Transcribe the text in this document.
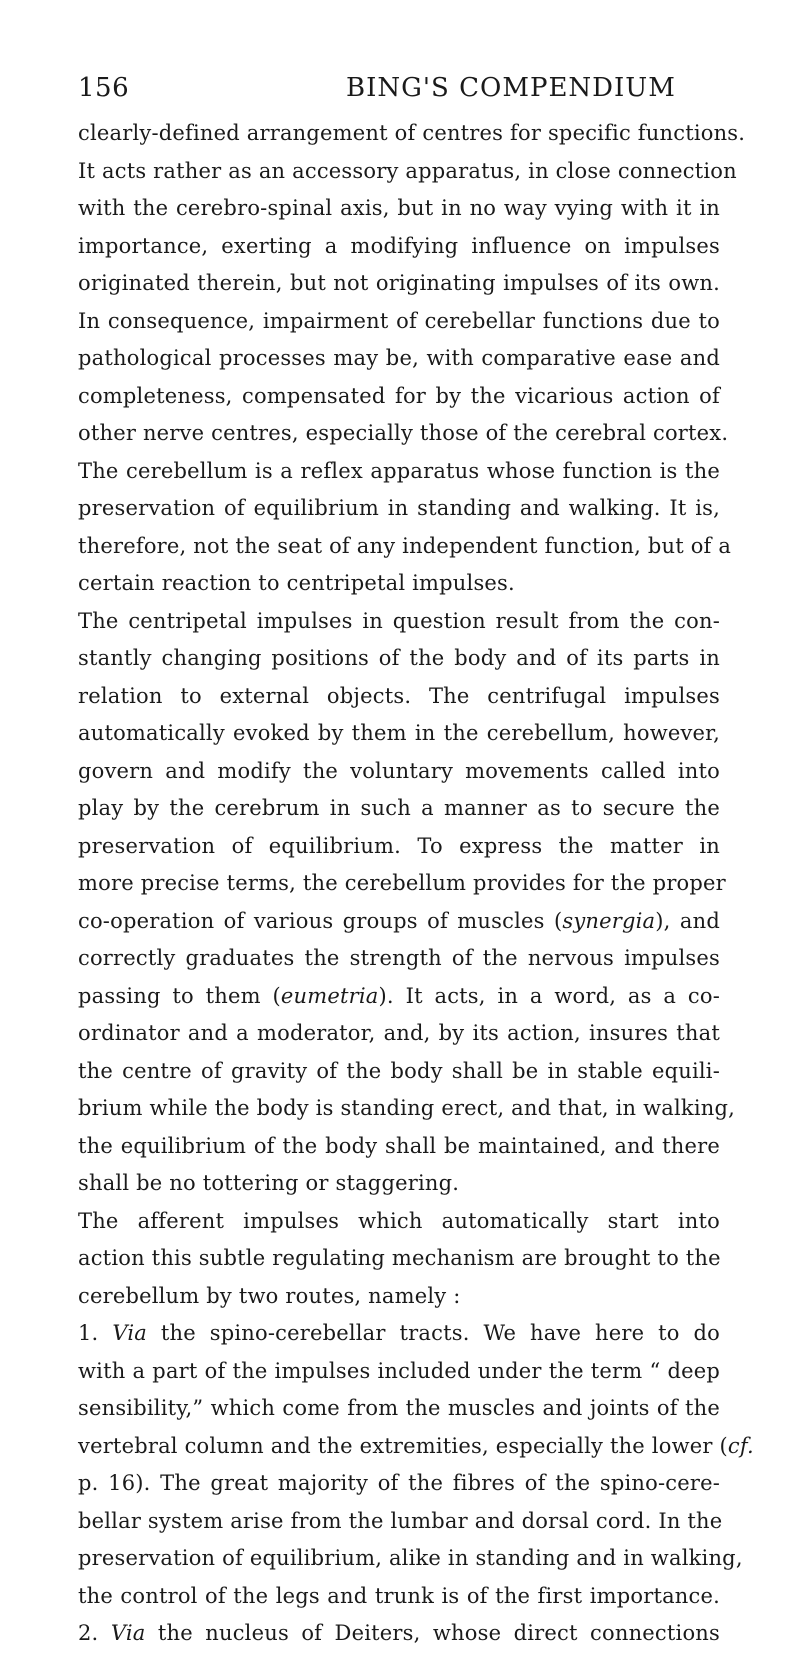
156	BING'S COMPENDIUM
clearly-defined arrangement of centres for specific functions.
It acts rather as an accessory apparatus, in close connection
with the cerebro-spinal axis, but in no way vying with it in
importance, exerting a modifying influence on impulses
originated therein, but not originating impulses of its own.
In consequence, impairment of cerebellar functions due to
pathological processes may be, with comparative ease and
completeness, compensated for by the vicarious action of
other nerve centres, especially those of the cerebral cortex.
The cerebellum is a reflex apparatus whose function is the
preservation of equilibrium in standing and walking. It is,
therefore, not the seat of any independent function, but of a
certain reaction to centripetal impulses.
The centripetal impulses in question result from the con-
stantly changing positions of the body and of its parts in
relation to external objects. The centrifugal impulses
automatically evoked by them in the cerebellum, however,
govern and modify the voluntary movements called into
play by the cerebrum in such a manner as to secure the
preservation of equilibrium. To express the matter in
more precise terms, the cerebellum provides for the proper
co-operation of various groups of muscles (synergia), and
correctly graduates the strength of the nervous impulses
passing to them (eumetria). It acts, in a word, as a co-
ordinator and a moderator, and, by its action, insures that
the centre of gravity of the body shall be in stable equili-
brium while the body is standing erect, and that, in walking,
the equilibrium of the body shall be maintained, and there
shall be no tottering or staggering.
The afferent impulses which automatically start into
action this subtle regulating mechanism are brought to the
cerebellum by two routes, namely :
1. Via the spino-cerebellar tracts. We have here to do
with a part of the impulses included under the term “ deep
sensibility,” which come from the muscles and joints of the
vertebral column and the extremities, especially the lower (cf.
p. 16). The great majority of the fibres of the spino-cere-
bellar system arise from the lumbar and dorsal cord. In the
preservation of equilibrium, alike in standing and in walking,
the control of the legs and trunk is of the first importance.
2. Via the nucleus of Deiters, whose direct connections
